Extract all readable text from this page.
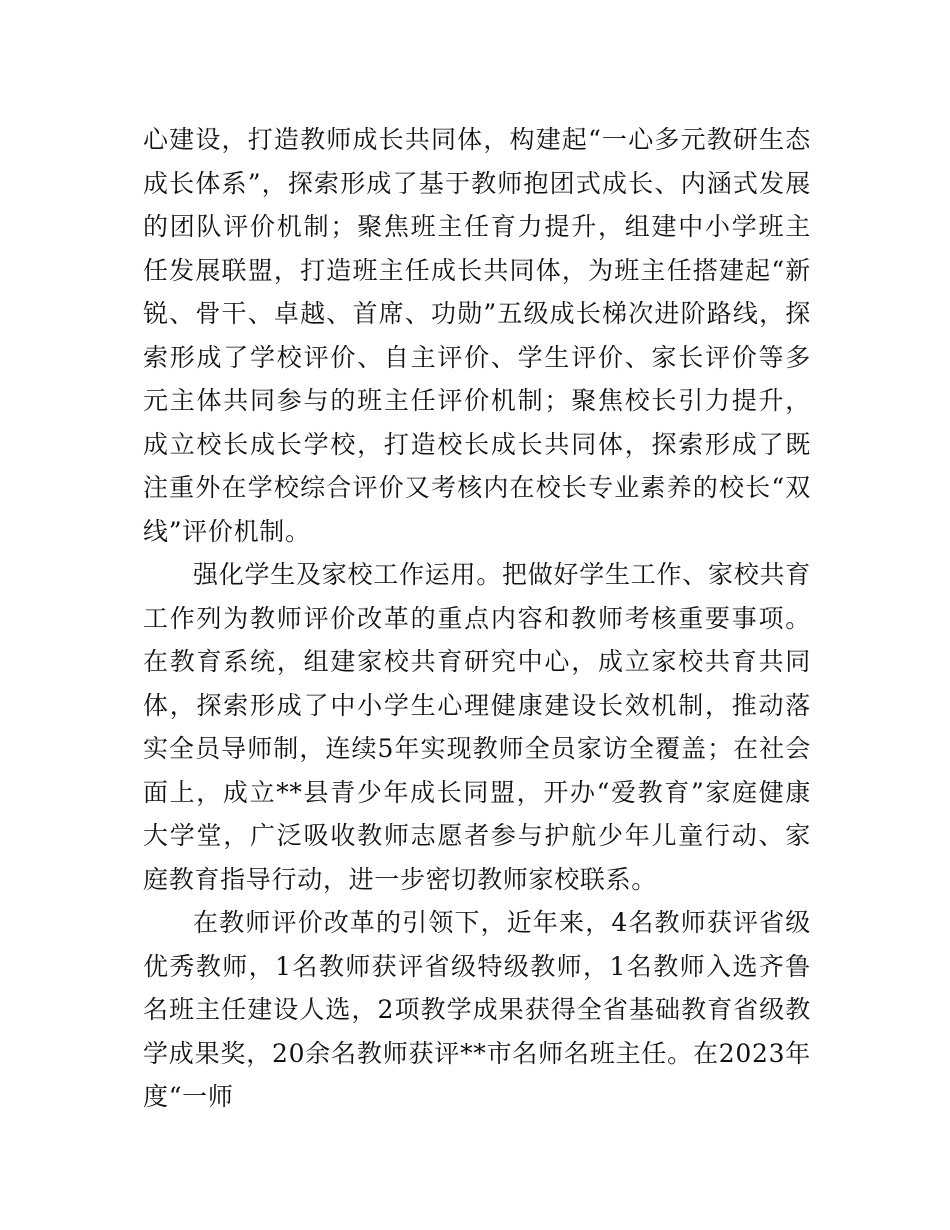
心建设，打造教师成长共同体，构建起“一心多元教研生态成长体系”，探索形成了基于教师抱团式成长、内涵式发展的团队评价机制；聚焦班主任育力提升，组建中小学班主任发展联盟，打造班主任成长共同体，为班主任搭建起“新锐、骨干、卓越、首席、功勋”五级成长梯次进阶路线，探索形成了学校评价、自主评价、学生评价、家长评价等多元主体共同参与的班主任评价机制；聚焦校长引力提升，成立校长成长学校，打造校长成长共同体，探索形成了既注重外在学校综合评价又考核内在校长专业素养的校长“双线”评价机制。

强化学生及家校工作运用。把做好学生工作、家校共育工作列为教师评价改革的重点内容和教师考核重要事项。在教育系统，组建家校共育研究中心，成立家校共育共同体，探索形成了中小学生心理健康建设长效机制，推动落实全员导师制，连续5年实现教师全员家访全覆盖；在社会面上，成立**县青少年成长同盟，开办“爱教育”家庭健康大学堂，广泛吸收教师志愿者参与护航少年儿童行动、家庭教育指导行动，进一步密切教师家校联系。

在教师评价改革的引领下，近年来，4名教师获评省级优秀教师，1名教师获评省级特级教师，1名教师入选齐鲁名班主任建设人选，2项教学成果获得全省基础教育省级教学成果奖，20余名教师获评**市名师名班主任。在2023年度“一师
